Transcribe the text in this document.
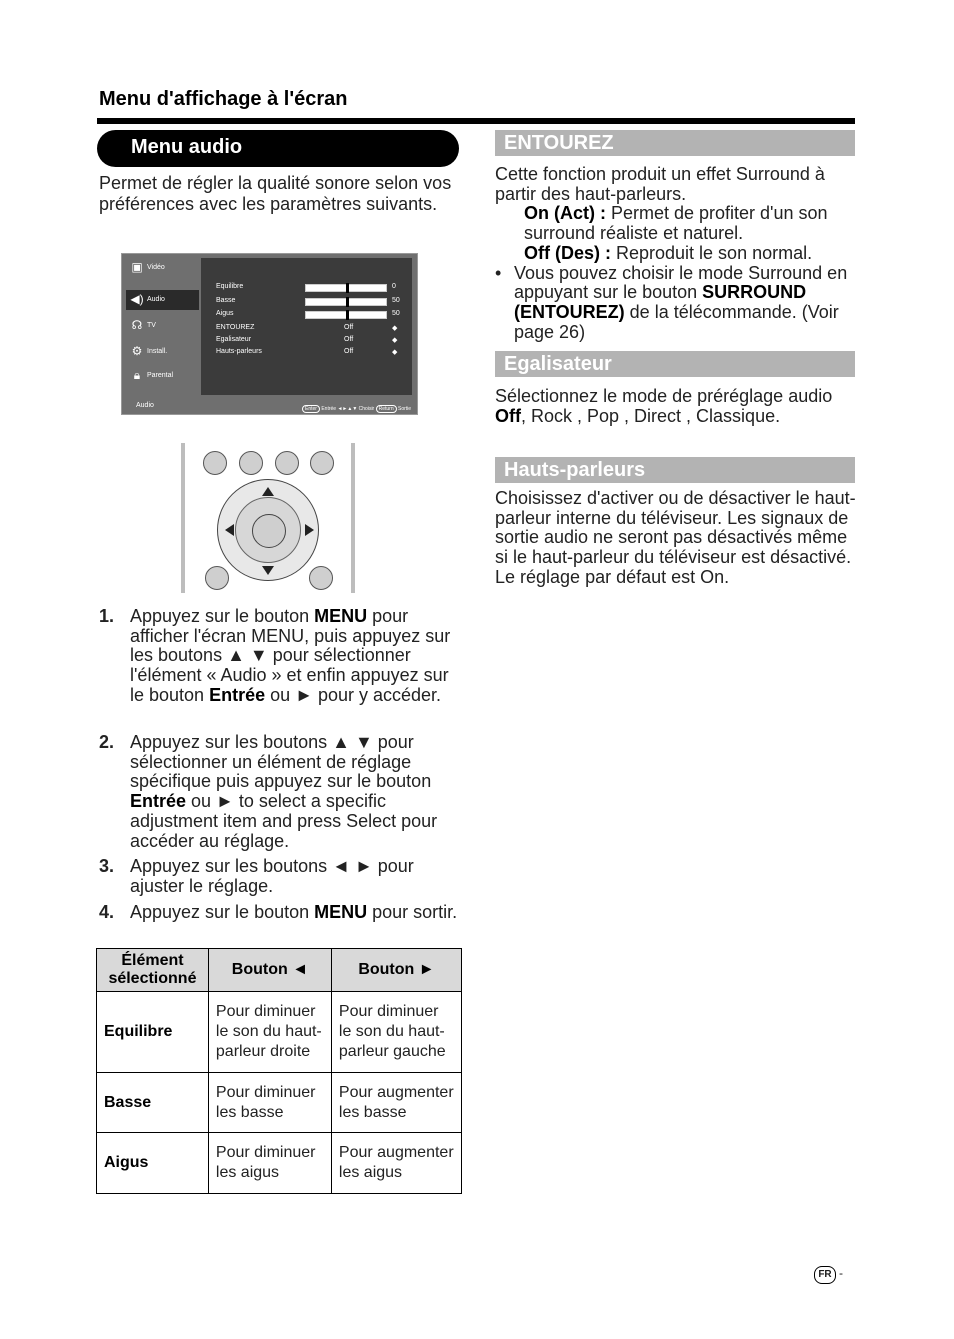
Menu d'affichage à l'écran
Menu audio
Permet de régler la qualité sonore selon vos préférences avec les paramètres suivants.
▣ Vidéo
◀) Audio
☊ TV
⚙ Install.
🔒︎ Parental
Equilibre	0
Basse	50
Aigus	50
ENTOUREZ	Off	◆
Egalisateur	Off	◆
Hauts-parleurs	Off	◆
Audio	Enter Entrée ◄►▲▼ Choisir Return Sortie
1. Appuyez sur le bouton MENU pour afficher l'écran MENU, puis appuyez sur les boutons ▲ ▼ pour sélectionner l'élément « Audio » et enfin appuyez sur le bouton Entrée ou ► pour y accéder.
2. Appuyez sur les boutons ▲ ▼ pour sélectionner un élément de réglage spécifique puis appuyez sur le bouton Entrée ou ► to select a specific adjustment item and press Select pour accéder au réglage.
3. Appuyez sur les boutons ◄ ► pour ajuster le réglage.
4. Appuyez sur le bouton MENU pour sortir.
Élément sélectionné	Bouton ◄	Bouton ►
Equilibre	Pour diminuer le son du haut-parleur droite	Pour diminuer le son du haut-parleur gauche
Basse	Pour diminuer les basse	Pour augmenter les basse
Aigus	Pour diminuer les aigus	Pour augmenter les aigus
ENTOUREZ
Cette fonction produit un effet Surround à partir des haut-parleurs.
On (Act) : Permet de profiter d'un son surround réaliste et naturel.
Off (Des) : Reproduit le son normal.
• Vous pouvez choisir le mode Surround en appuyant sur le bouton SURROUND (ENTOUREZ) de la télécommande. (Voir page 26)
Egalisateur
Sélectionnez le mode de préréglage audio Off, Rock , Pop , Direct , Classique.
Hauts-parleurs
Choisissez d'activer ou de désactiver le haut-parleur interne du téléviseur. Les signaux de sortie audio ne seront pas désactivés même si le haut-parleur du téléviseur est désactivé. Le réglage par défaut est On.
FR -
